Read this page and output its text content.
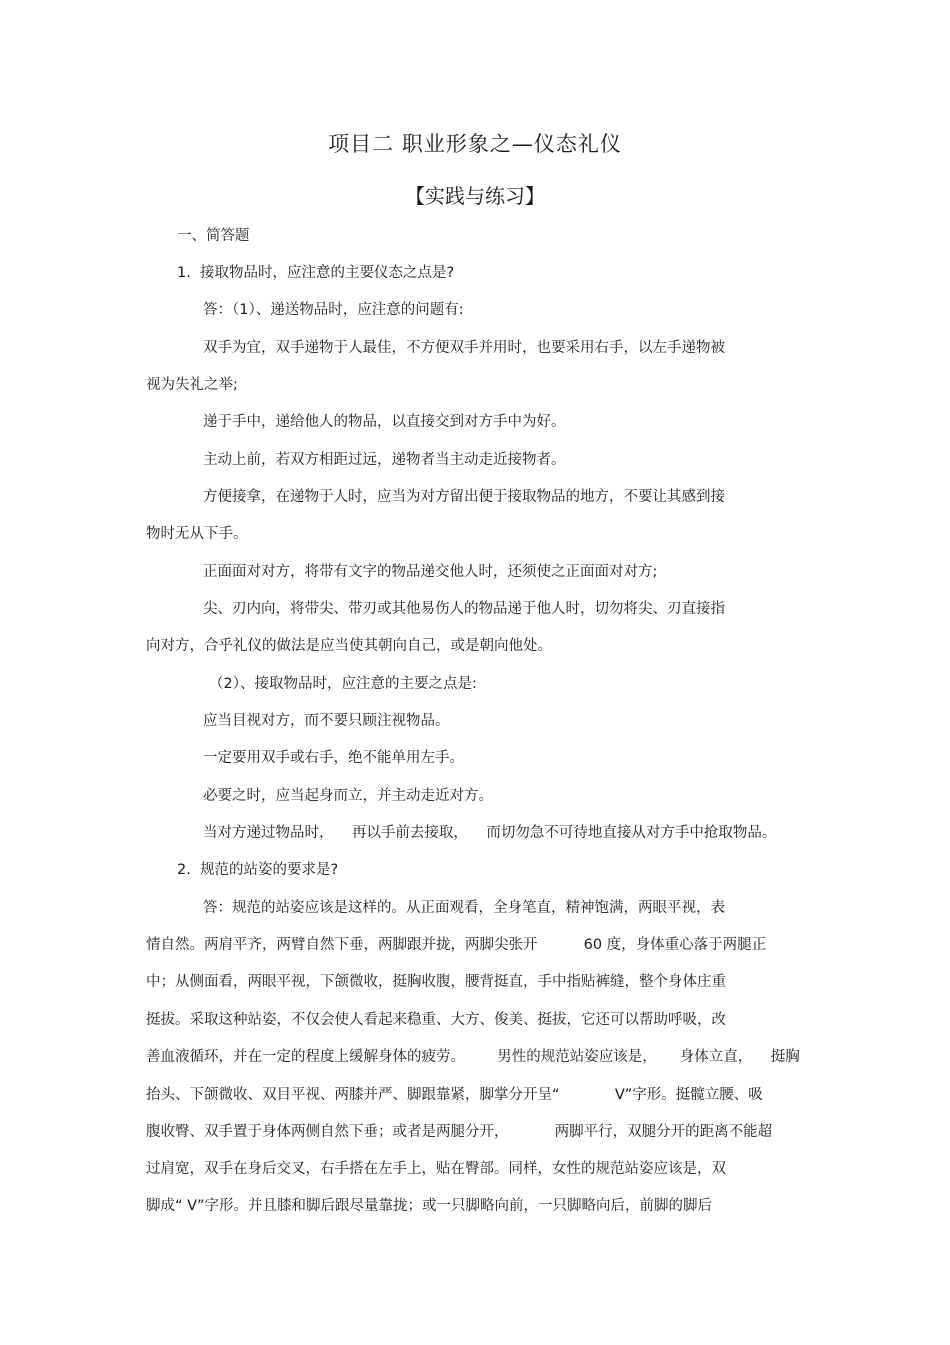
项目二 职业形象之—仪态礼仪
【实践与练习】
一、简答题
1.  接取物品时，应注意的主要仪态之点是?
答：（1）、递送物品时，应注意的问题有:
双手为宜，双手递物于人最佳，不方便双手并用时，也要采用右手，以左手递物被
视为失礼之举;
递于手中，递给他人的物品，以直接交到对方手中为好。
主动上前，若双方相距过远，递物者当主动走近接物者。
方便接拿，在递物于人时，应当为对方留出便于接取物品的地方，不要让其感到接
物时无从下手。
正面面对对方，将带有文字的物品递交他人时，还须使之正面面对对方;
尖、刃内向，将带尖、带刃或其他易伤人的物品递于他人时，切勿将尖、刃直接指
向对方，合乎礼仪的做法是应当使其朝向自己，或是朝向他处。
（2）、接取物品时，应注意的主要之点是:
应当目视对方，而不要只顾注视物品。
一定要用双手或右手，绝不能单用左手。
必要之时，应当起身而立，并主动走近对方。
当对方递过物品时，    再以手前去接取，    而切勿急不可待地直接从对方手中抢取物品。
2.  规范的站姿的要求是?
答：规范的站姿应该是这样的。从正面观看，全身笔直，精神饱满，两眼平视，表
情自然。两肩平齐，两臂自然下垂，两脚跟并拢，两脚尖张开          60 度，身体重心落于两腿正
中；从侧面看，两眼平视，下颌微收，挺胸收腹，腰背挺直，手中指贴裤缝，整个身体庄重
挺拔。采取这种站姿，不仅会使人看起来稳重、大方、俊美、挺拔，它还可以帮助呼吸，改
善血液循环，并在一定的程度上缓解身体的疲劳。       男性的规范站姿应该是，     身体立直，    挺胸
抬头、下颌微收、双目平视、两膝并严、脚跟靠紧，脚掌分开呈“            V”字形。挺髋立腰、吸
腹收臀、双手置于身体两侧自然下垂；或者是两腿分开，          两脚平行，双腿分开的距离不能超
过肩宽，双手在身后交叉，右手搭在左手上，贴在臀部。同样，女性的规范站姿应该是，双
脚成“ V”字形。并且膝和脚后跟尽量靠拢；或一只脚略向前，一只脚略向后，前脚的脚后
